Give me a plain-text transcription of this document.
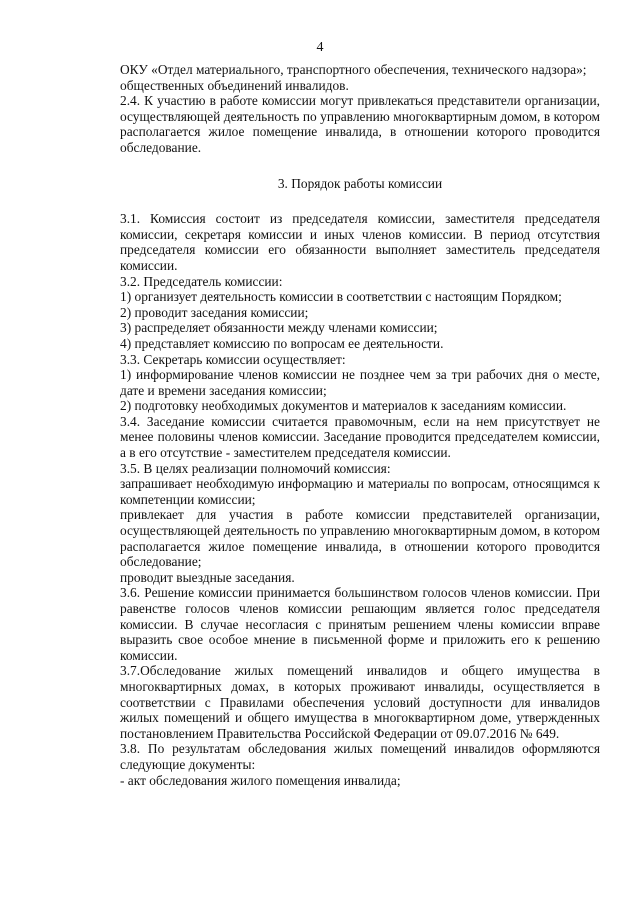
4

ОКУ «Отдел материального, транспортного обеспечения, технического надзора»;

общественных объединений инвалидов.

2.4. К участию в работе комиссии могут привлекаться представители организации, осуществляющей деятельность по управлению многоквартирным домом, в котором располагается жилое помещение инвалида, в отношении которого проводится обследование.

3. Порядок работы комиссии

3.1. Комиссия состоит из председателя комиссии, заместителя председателя комиссии, секретаря комиссии и иных членов комиссии. В период отсутствия председателя комиссии его обязанности выполняет заместитель председателя комиссии.

3.2. Председатель комиссии:

1) организует деятельность комиссии в соответствии с настоящим Порядком;

2) проводит заседания комиссии;

3) распределяет обязанности между членами комиссии;

4) представляет комиссию по вопросам ее деятельности.

3.3. Секретарь комиссии осуществляет:

1) информирование членов комиссии не позднее чем за три рабочих дня о месте, дате и времени заседания комиссии;

2) подготовку необходимых документов и материалов к заседаниям комиссии.

3.4. Заседание комиссии считается правомочным, если на нем присутствует не менее половины членов комиссии. Заседание проводится председателем комиссии, а в его отсутствие - заместителем председателя комиссии.

3.5. В целях реализации полномочий комиссия:

запрашивает необходимую информацию и материалы по вопросам, относящимся к компетенции комиссии;

привлекает для участия в работе комиссии представителей организации, осуществляющей деятельность по управлению многоквартирным домом, в котором располагается жилое помещение инвалида, в отношении которого проводится обследование;

проводит выездные заседания.

3.6. Решение комиссии принимается большинством голосов членов комиссии. При равенстве голосов членов комиссии решающим является голос председателя комиссии. В случае несогласия с принятым решением члены комиссии вправе выразить свое особое мнение в письменной форме и приложить его к решению комиссии.

3.7.Обследование жилых помещений инвалидов и общего имущества в многоквартирных домах, в которых проживают инвалиды, осуществляется в соответствии с Правилами обеспечения условий доступности для инвалидов жилых помещений и общего имущества в многоквартирном доме, утвержденных постановлением Правительства Российской Федерации от 09.07.2016 № 649.

3.8. По результатам обследования жилых помещений инвалидов оформляются следующие документы:

- акт обследования жилого помещения инвалида;
